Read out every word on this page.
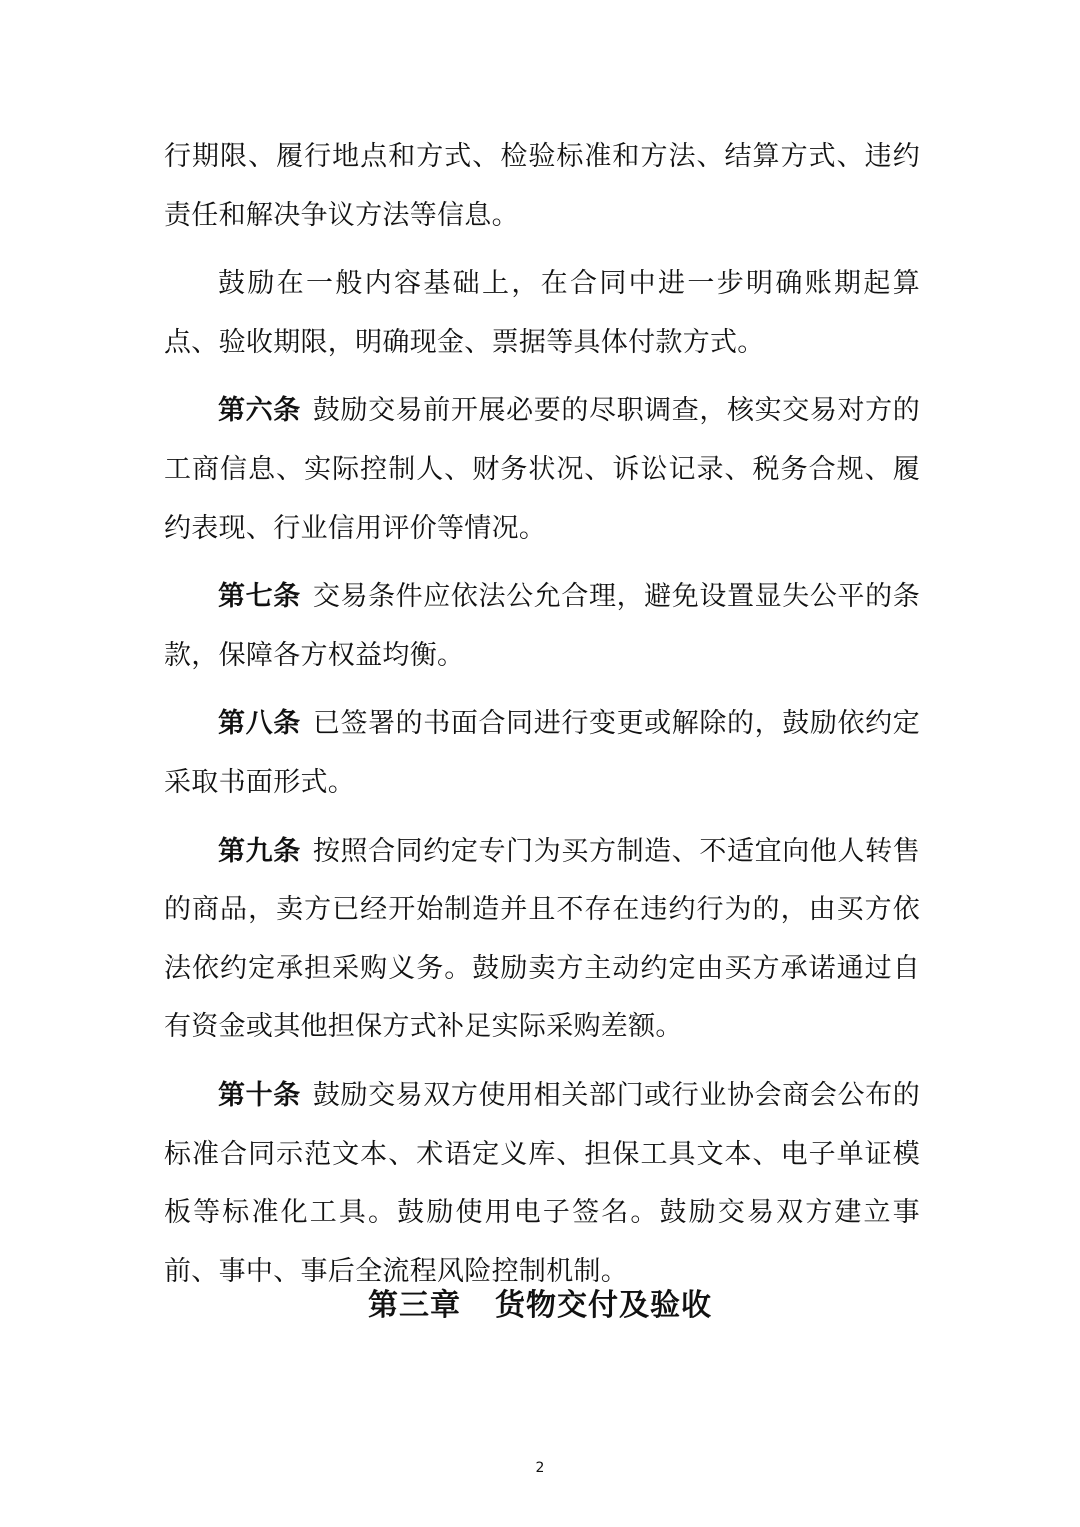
行期限、履行地点和方式、检验标准和方法、结算方式、违约责任和解决争议方法等信息。

鼓励在一般内容基础上，在合同中进一步明确账期起算点、验收期限，明确现金、票据等具体付款方式。

第六条 鼓励交易前开展必要的尽职调查，核实交易对方的工商信息、实际控制人、财务状况、诉讼记录、税务合规、履约表现、行业信用评价等情况。

第七条 交易条件应依法公允合理，避免设置显失公平的条款，保障各方权益均衡。

第八条 已签署的书面合同进行变更或解除的，鼓励依约定采取书面形式。

第九条 按照合同约定专门为买方制造、不适宜向他人转售的商品，卖方已经开始制造并且不存在违约行为的，由买方依法依约定承担采购义务。鼓励卖方主动约定由买方承诺通过自有资金或其他担保方式补足实际采购差额。

第十条 鼓励交易双方使用相关部门或行业协会商会公布的标准合同示范文本、术语定义库、担保工具文本、电子单证模板等标准化工具。鼓励使用电子签名。鼓励交易双方建立事前、事中、事后全流程风险控制机制。

第三章 货物交付及验收
2
